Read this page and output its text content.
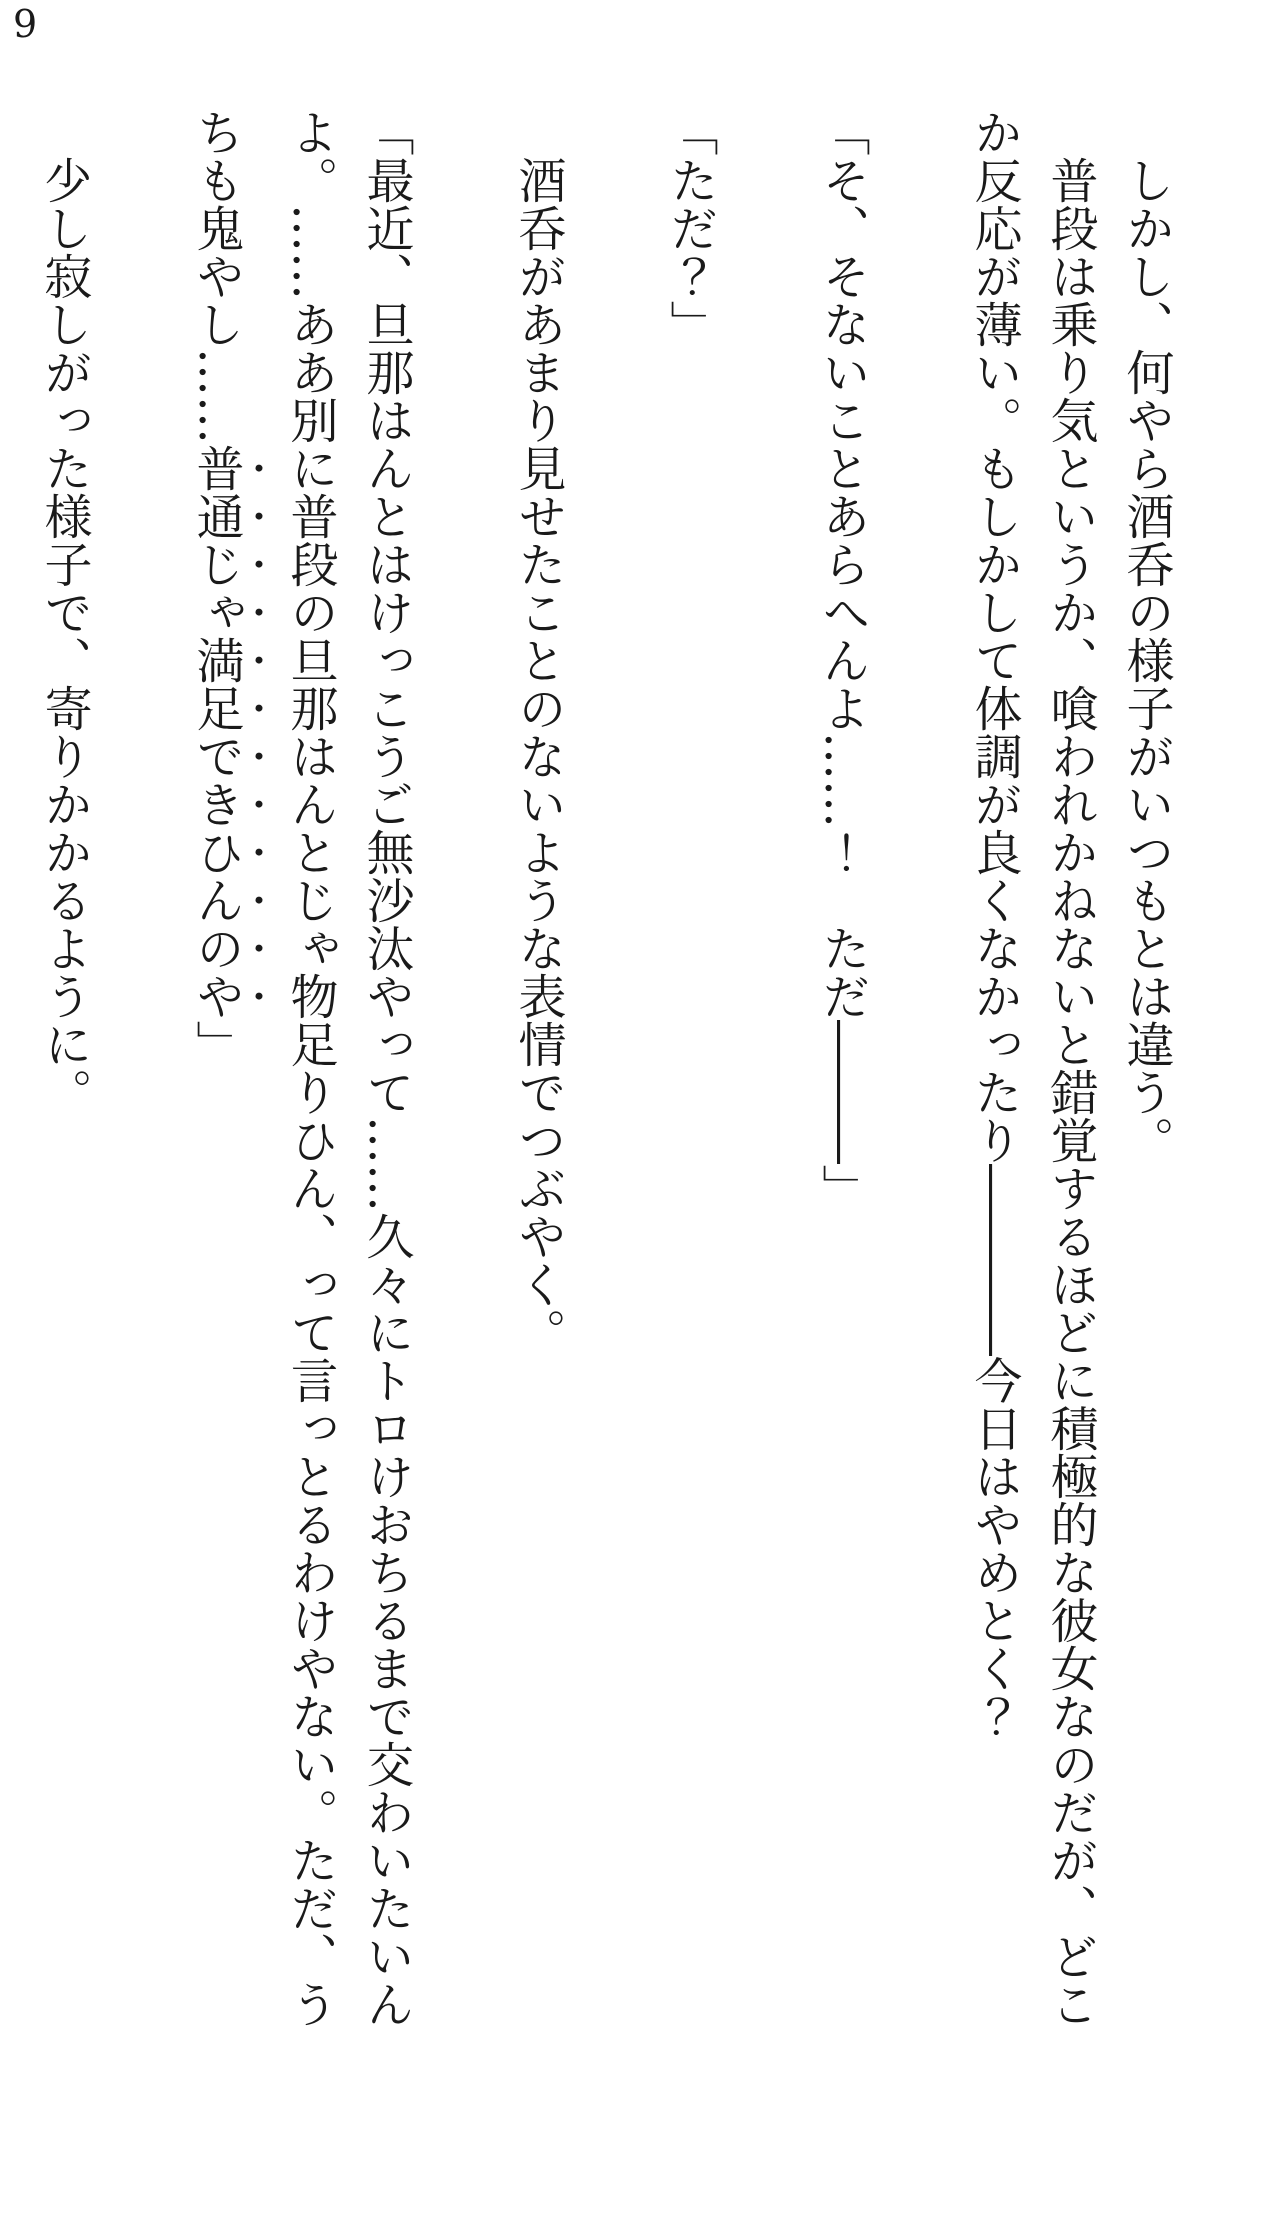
9

しかし、何やら酒呑の様子がいつもとは違う。

普段は乗り気というか、喰われかねないと錯覚するほどに積極的な彼女なのだが、どこ

か反応が薄い。もしかして体調が良くなかったり――――今日はやめとく？

「そ、そないことあらへんよ……！　ただ―――」

「ただ？」

酒呑があまり見せたことのないような表情でつぶやく。

「最近、旦那はんとはけっこうご無沙汰やって……久々にトロけおちるまで交わいたいん

よ。……ああ別に普段の旦那はんとじゃ物足りひん、って言っとるわけやない。ただ、う

ちも鬼やし……普通じゃ満足できひんのや」

少し寂しがった様子で、寄りかかるように。
